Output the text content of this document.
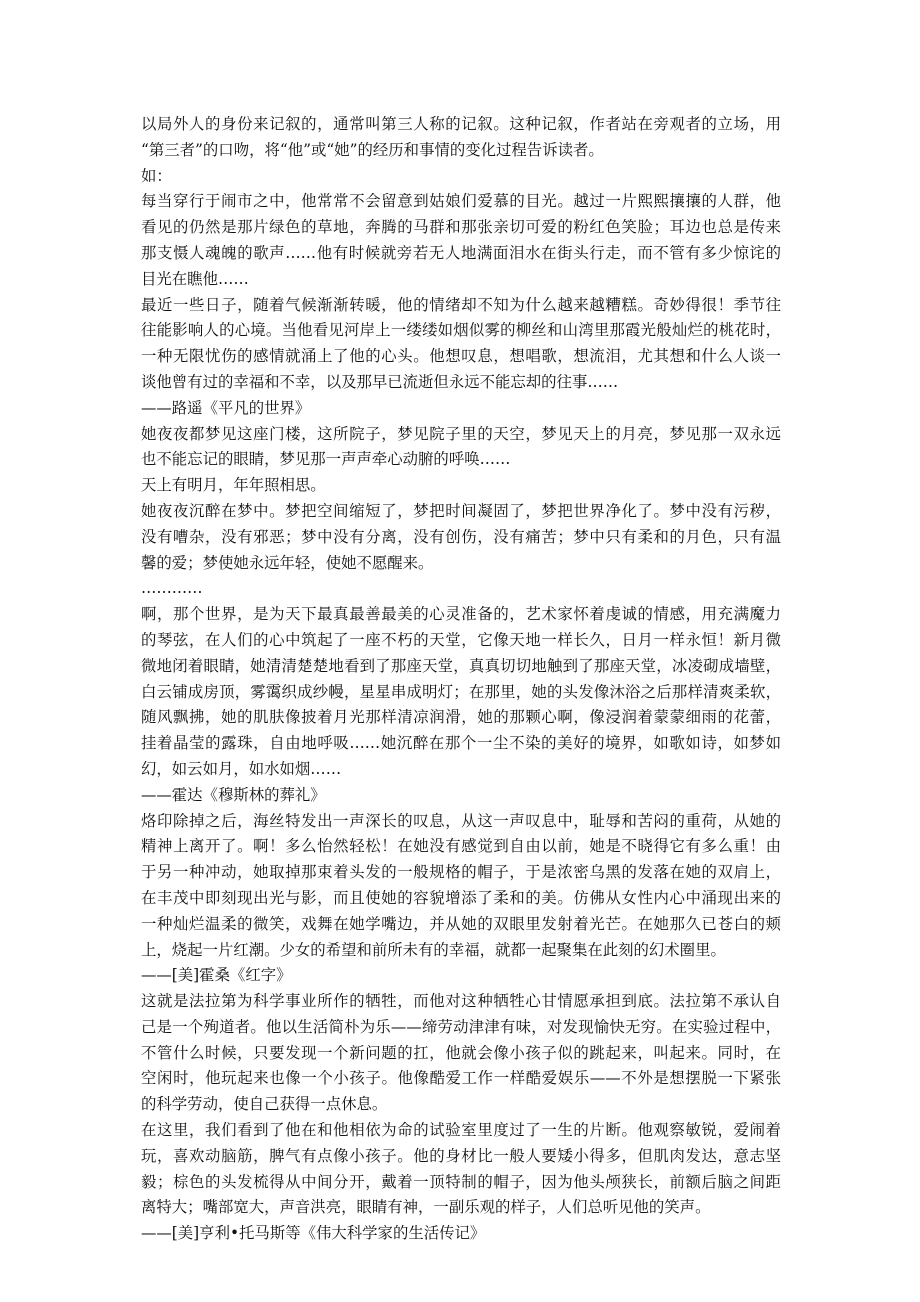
以局外人的身份来记叙的，通常叫第三人称的记叙。这种记叙，作者站在旁观者的立场，用
“第三者”的口吻，将“他”或“她”的经历和事情的变化过程告诉读者。
如：
每当穿行于闹市之中，他常常不会留意到姑娘们爱慕的目光。越过一片熙熙攘攘的人群，他
看见的仍然是那片绿色的草地，奔腾的马群和那张亲切可爱的粉红色笑脸；耳边也总是传来
那支慑人魂魄的歌声……他有时候就旁若无人地满面泪水在街头行走，而不管有多少惊诧的
目光在瞧他……
最近一些日子，随着气候渐渐转暖，他的情绪却不知为什么越来越糟糕。奇妙得很！季节往
往能影响人的心境。当他看见河岸上一缕缕如烟似雾的柳丝和山湾里那霞光般灿烂的桃花时，
一种无限忧伤的感情就涌上了他的心头。他想叹息，想唱歌，想流泪，尤其想和什么人谈一
谈他曾有过的幸福和不幸，以及那早已流逝但永远不能忘却的往事……
——路遥《平凡的世界》
她夜夜都梦见这座门楼，这所院子，梦见院子里的天空，梦见天上的月亮，梦见那一双永远
也不能忘记的眼睛，梦见那一声声牵心动腑的呼唤……
天上有明月，年年照相思。
她夜夜沉醉在梦中。梦把空间缩短了，梦把时间凝固了，梦把世界净化了。梦中没有污秽，
没有嘈杂，没有邪恶；梦中没有分离，没有创伤，没有痛苦；梦中只有柔和的月色，只有温
馨的爱；梦使她永远年轻，使她不愿醒来。
…………
啊，那个世界，是为天下最真最善最美的心灵准备的，艺术家怀着虔诚的情感，用充满魔力
的琴弦，在人们的心中筑起了一座不朽的天堂，它像天地一样长久，日月一样永恒！新月微
微地闭着眼睛，她清清楚楚地看到了那座天堂，真真切切地触到了那座天堂，冰凌砌成墙壁，
白云铺成房顶，雾霭织成纱幔，星星串成明灯；在那里，她的头发像沐浴之后那样清爽柔软，
随风飘拂，她的肌肤像披着月光那样清凉润滑，她的那颗心啊，像浸润着蒙蒙细雨的花蕾，
挂着晶莹的露珠，自由地呼吸……她沉醉在那个一尘不染的美好的境界，如歌如诗，如梦如
幻，如云如月，如水如烟……
——霍达《穆斯林的葬礼》
烙印除掉之后，海丝特发出一声深长的叹息，从这一声叹息中，耻辱和苦闷的重荷，从她的
精神上离开了。啊！多么怡然轻松！在她没有感觉到自由以前，她是不晓得它有多么重！由
于另一种冲动，她取掉那束着头发的一般规格的帽子，于是浓密乌黑的发落在她的双肩上，
在丰茂中即刻现出光与影，而且使她的容貌增添了柔和的美。仿佛从女性内心中涌现出来的
一种灿烂温柔的微笑，戏舞在她学嘴边，并从她的双眼里发射着光芒。在她那久已苍白的颊
上，烧起一片红潮。少女的希望和前所未有的幸福，就都一起聚集在此刻的幻术圈里。
——[美]霍桑《红字》
这就是法拉第为科学事业所作的牺牲，而他对这种牺牲心甘情愿承担到底。法拉第不承认自
己是一个殉道者。他以生活简朴为乐——缔劳动津津有味，对发现愉快无穷。在实验过程中，
不管什么时候，只要发现一个新问题的扛，他就会像小孩子似的跳起来，叫起来。同时，在
空闲时，他玩起来也像一个小孩子。他像酷爱工作一样酷爱娱乐——不外是想摆脱一下紧张
的科学劳动，使自己获得一点休息。
在这里，我们看到了他在和他相依为命的试验室里度过了一生的片断。他观察敏锐，爱闹着
玩，喜欢动脑筋，脾气有点像小孩子。他的身材比一般人要矮小得多，但肌肉发达，意志坚
毅；棕色的头发梳得从中间分开，戴着一顶特制的帽子，因为他头颅狭长，前额后脑之间距
离特大；嘴部宽大，声音洪亮，眼睛有神，一副乐观的样子，人们总听见他的笑声。
——[美]亨利•托马斯等《伟大科学家的生活传记》
